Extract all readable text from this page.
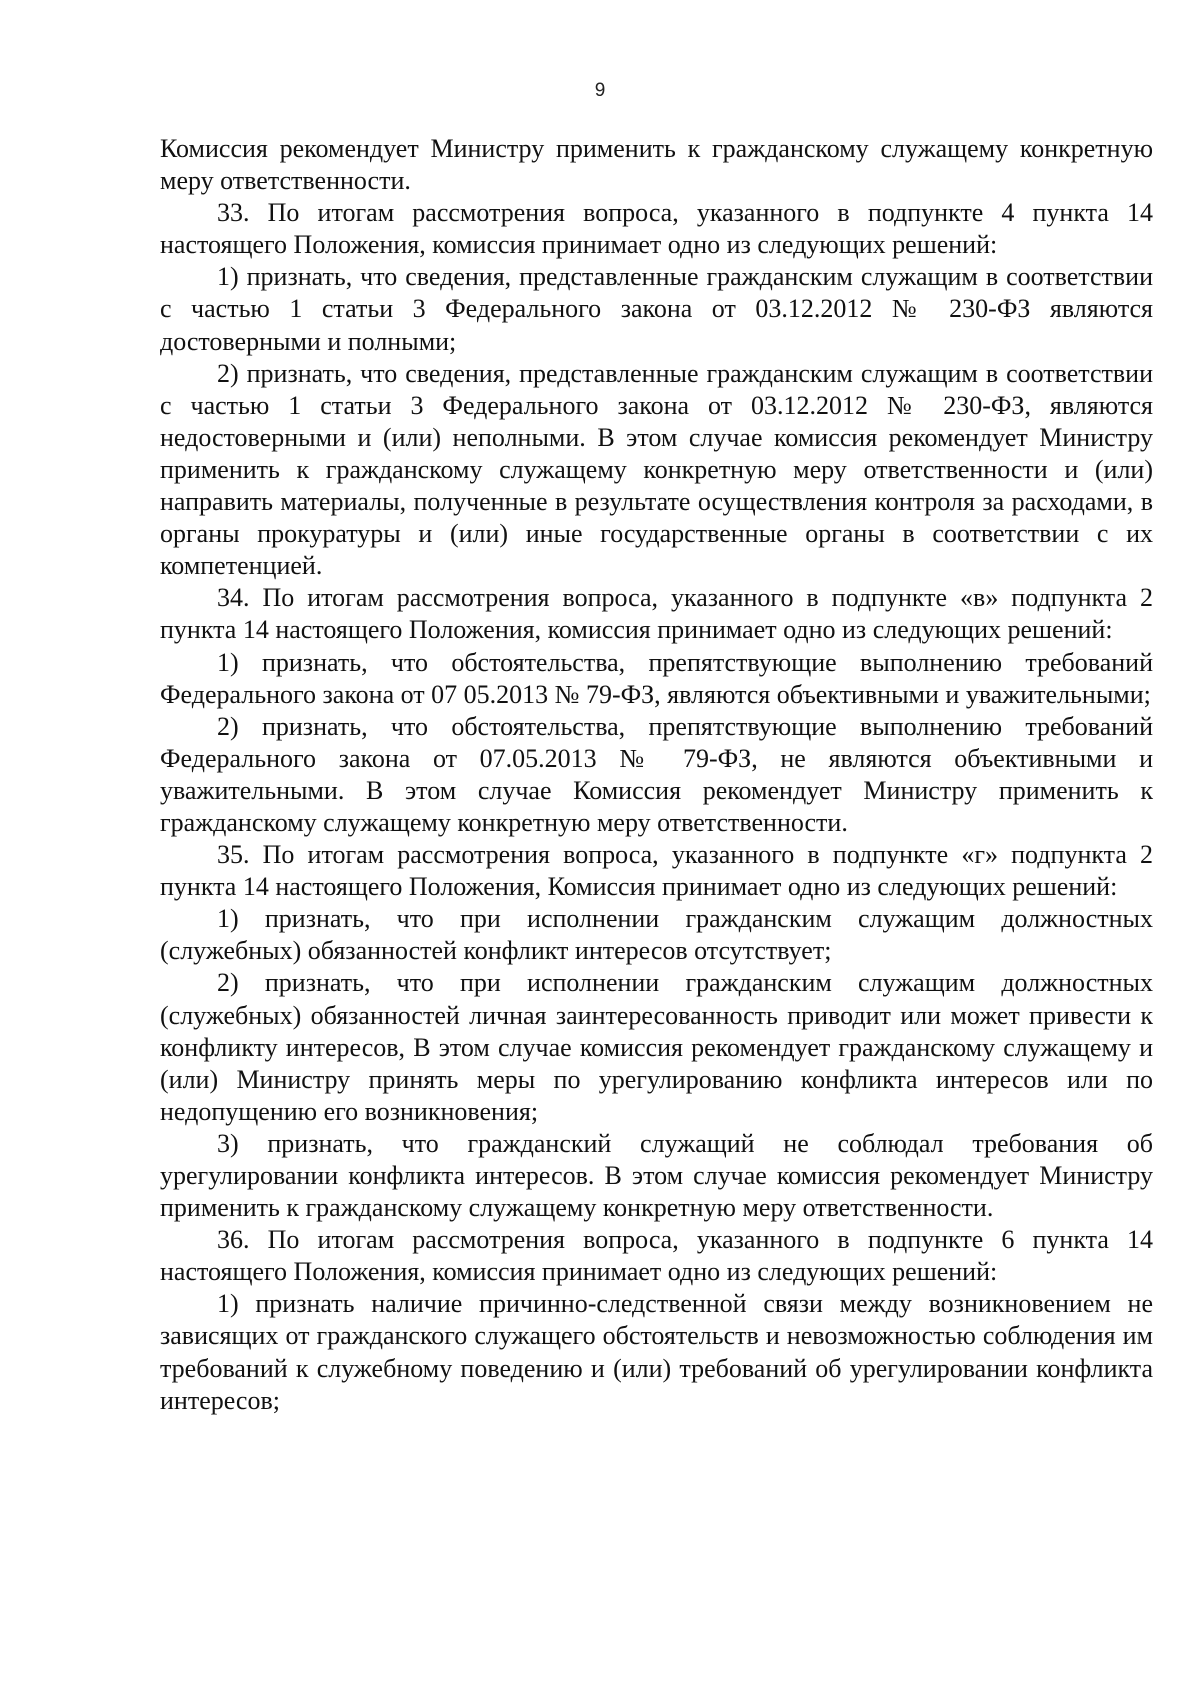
9

Комиссия рекомендует Министру применить к гражданскому служащему конкретную меру ответственности.

33. По итогам рассмотрения вопроса, указанного в подпункте 4 пункта 14 настоящего Положения, комиссия принимает одно из следующих решений:

1) признать, что сведения, представленные гражданским служащим в соответствии с частью 1 статьи 3 Федерального закона от 03.12.2012 № 230-ФЗ являются достоверными и полными;

2) признать, что сведения, представленные гражданским служащим в соответствии с частью 1 статьи 3 Федерального закона от 03.12.2012 № 230-ФЗ, являются недостоверными и (или) неполными. В этом случае комиссия рекомендует Министру применить к гражданскому служащему конкретную меру ответственности и (или) направить материалы, полученные в результате осуществления контроля за расходами, в органы прокуратуры и (или) иные государственные органы в соответствии с их компетенцией.

34. По итогам рассмотрения вопроса, указанного в подпункте «в» подпункта 2 пункта 14 настоящего Положения, комиссия принимает одно из следующих решений:

1) признать, что обстоятельства, препятствующие выполнению требований Федерального закона от 07 05.2013 № 79-ФЗ, являются объективными и уважительными;

2) признать, что обстоятельства, препятствующие выполнению требований Федерального закона от 07.05.2013 № 79-ФЗ, не являются объективными и уважительными. В этом случае Комиссия рекомендует Министру применить к гражданскому служащему конкретную меру ответственности.

35. По итогам рассмотрения вопроса, указанного в подпункте «г» подпункта 2 пункта 14 настоящего Положения, Комиссия принимает одно из следующих решений:

1) признать, что при исполнении гражданским служащим должностных (служебных) обязанностей конфликт интересов отсутствует;

2) признать, что при исполнении гражданским служащим должностных (служебных) обязанностей личная заинтересованность приводит или может привести к конфликту интересов, В этом случае комиссия рекомендует гражданскому служащему и (или) Министру принять меры по урегулированию конфликта интересов или по недопущению его возникновения;

3) признать, что гражданский служащий не соблюдал требования об урегулировании конфликта интересов. В этом случае комиссия рекомендует Министру применить к гражданскому служащему конкретную меру ответственности.

36. По итогам рассмотрения вопроса, указанного в подпункте 6 пункта 14 настоящего Положения, комиссия принимает одно из следующих решений:

1) признать наличие причинно-следственной связи между возникновением не зависящих от гражданского служащего обстоятельств и невозможностью соблюдения им требований к служебному поведению и (или) требований об урегулировании конфликта интересов;
